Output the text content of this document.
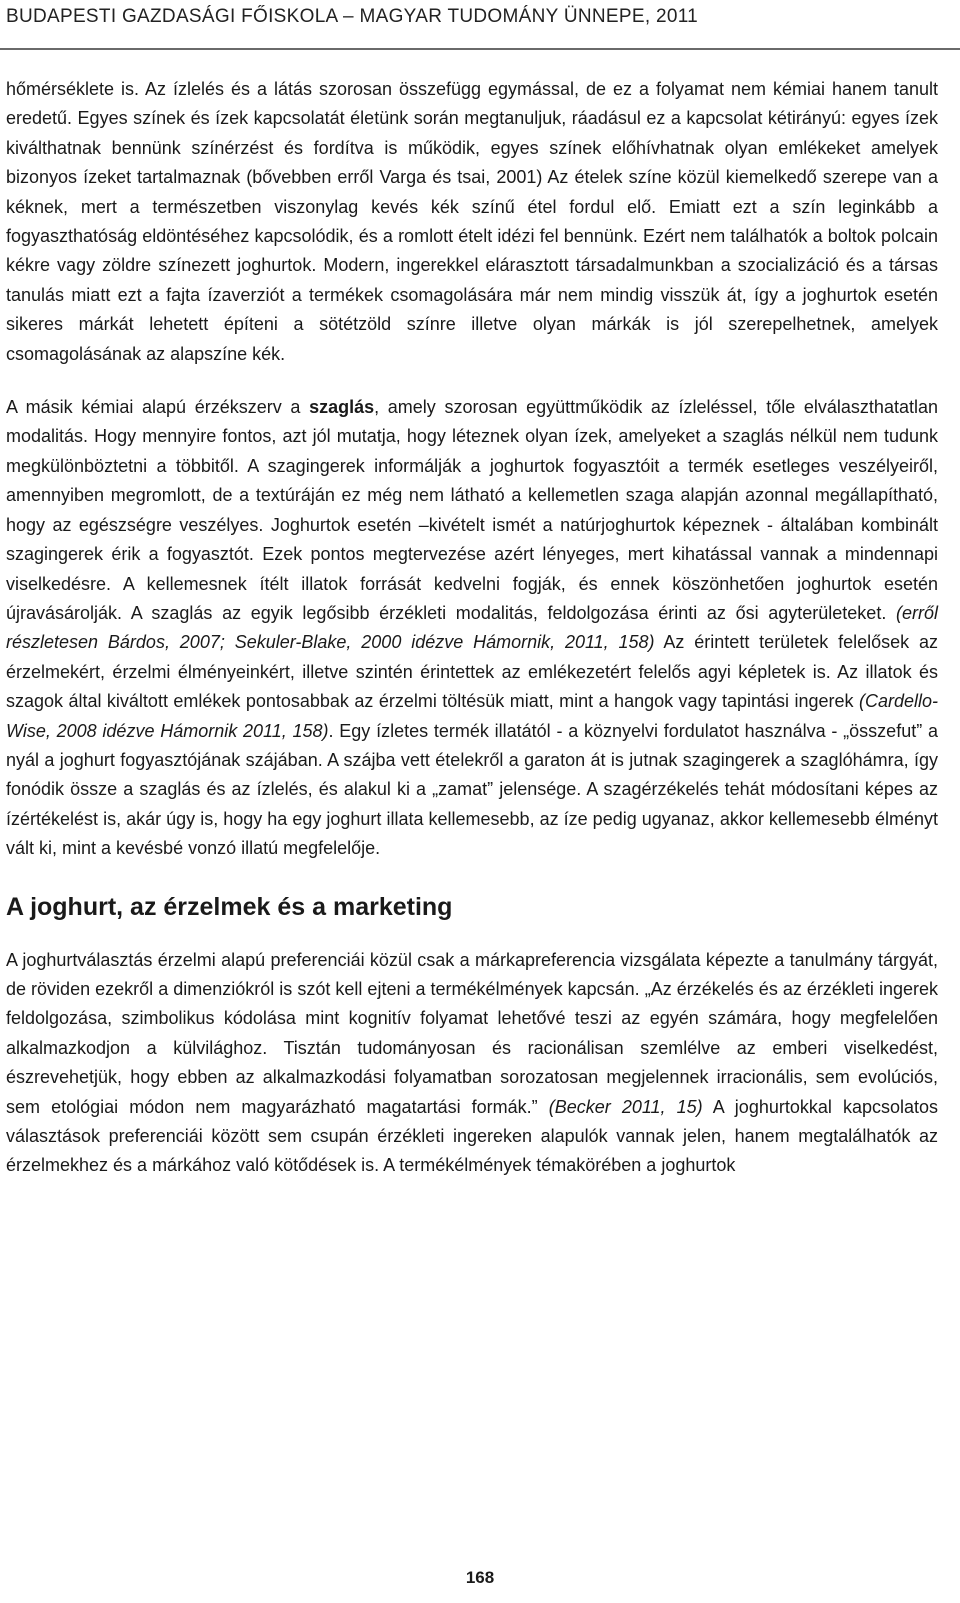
BUDAPESTI GAZDASÁGI FŐISKOLA – MAGYAR TUDOMÁNY ÜNNEPE, 2011

hőmérséklete is. Az ízlelés és a látás szorosan összefügg egymással, de ez a folyamat nem kémiai hanem tanult eredetű. Egyes színek és ízek kapcsolatát életünk során megtanuljuk, ráadásul ez a kapcsolat kétirányú: egyes ízek kiválthatnak bennünk színérzést és fordítva is működik, egyes színek előhívhatnak olyan emlékeket amelyek bizonyos ízeket tartalmaznak (bővebben erről Varga és tsai, 2001) Az ételek színe közül kiemelkedő szerepe van a kéknek, mert a természetben viszonylag kevés kék színű étel fordul elő. Emiatt ezt a szín leginkább a fogyaszthatóság eldöntéséhez kapcsolódik, és a romlott ételt idézi fel bennünk. Ezért nem találhatók a boltok polcain kékre vagy zöldre színezett joghurtok. Modern, ingerekkel elárasztott társadalmunkban a szocializáció és a társas tanulás miatt ezt a fajta ízaverziót a termékek csomagolására már nem mindig visszük át, így a joghurtok esetén sikeres márkát lehetett építeni a sötétzöld színre illetve olyan márkák is jól szerepelhetnek, amelyek csomagolásának az alapszíne kék.

A másik kémiai alapú érzékszerv a szaglás, amely szorosan együttműködik az ízleléssel, tőle elválaszthatatlan modalitás. Hogy mennyire fontos, azt jól mutatja, hogy léteznek olyan ízek, amelyeket a szaglás nélkül nem tudunk megkülönböztetni a többitől. A szagingerek informálják a joghurtok fogyasztóit a termék esetleges veszélyeiről, amennyiben megromlott, de a textúráján ez még nem látható a kellemetlen szaga alapján azonnal megállapítható, hogy az egészségre veszélyes. Joghurtok esetén –kivételt ismét a natúrjoghurtok képeznek - általában kombinált szagingerek érik a fogyasztót. Ezek pontos megtervezése azért lényeges, mert kihatással vannak a mindennapi viselkedésre. A kellemesnek ítélt illatok forrását kedvelni fogják, és ennek köszönhetően joghurtok esetén újravásárolják. A szaglás az egyik legősibb érzékleti modalitás, feldolgozása érinti az ősi agyterületeket. (erről részletesen Bárdos, 2007; Sekuler-Blake, 2000 idézve Hámornik, 2011, 158) Az érintett területek felelősek az érzelmekért, érzelmi élményeinkért, illetve szintén érintettek az emlékezetért felelős agyi képletek is. Az illatok és szagok által kiváltott emlékek pontosabbak az érzelmi töltésük miatt, mint a hangok vagy tapintási ingerek (Cardello-Wise, 2008 idézve Hámornik 2011, 158). Egy ízletes termék illatától - a köznyelvi fordulatot használva - „összefut” a nyál a joghurt fogyasztójának szájában. A szájba vett ételekről a garaton át is jutnak szagingerek a szaglóhámra, így fonódik össze a szaglás és az ízlelés, és alakul ki a „zamat” jelensége. A szagérzékelés tehát módosítani képes az ízértékelést is, akár úgy is, hogy ha egy joghurt illata kellemesebb, az íze pedig ugyanaz, akkor kellemesebb élményt vált ki, mint a kevésbé vonzó illatú megfelelője.

A joghurt, az érzelmek és a marketing

A joghurtválasztás érzelmi alapú preferenciái közül csak a márkapreferencia vizsgálata képezte a tanulmány tárgyát, de röviden ezekről a dimenziókról is szót kell ejteni a termékélmények kapcsán. „Az érzékelés és az érzékleti ingerek feldolgozása, szimbolikus kódolása mint kognitív folyamat lehetővé teszi az egyén számára, hogy megfelelően alkalmazkodjon a külvilághoz. Tisztán tudományosan és racionálisan szemlélve az emberi viselkedést, észrevehetjük, hogy ebben az alkalmazkodási folyamatban sorozatosan megjelennek irracionális, sem evolúciós, sem etológiai módon nem magyarázható magatartási formák.” (Becker 2011, 15) A joghurtokkal kapcsolatos választások preferenciái között sem csupán érzékleti ingereken alapulók vannak jelen, hanem megtalálhatók az érzelmekhez és a márkához való kötődések is. A termékélmények témakörében a joghurtok

168
